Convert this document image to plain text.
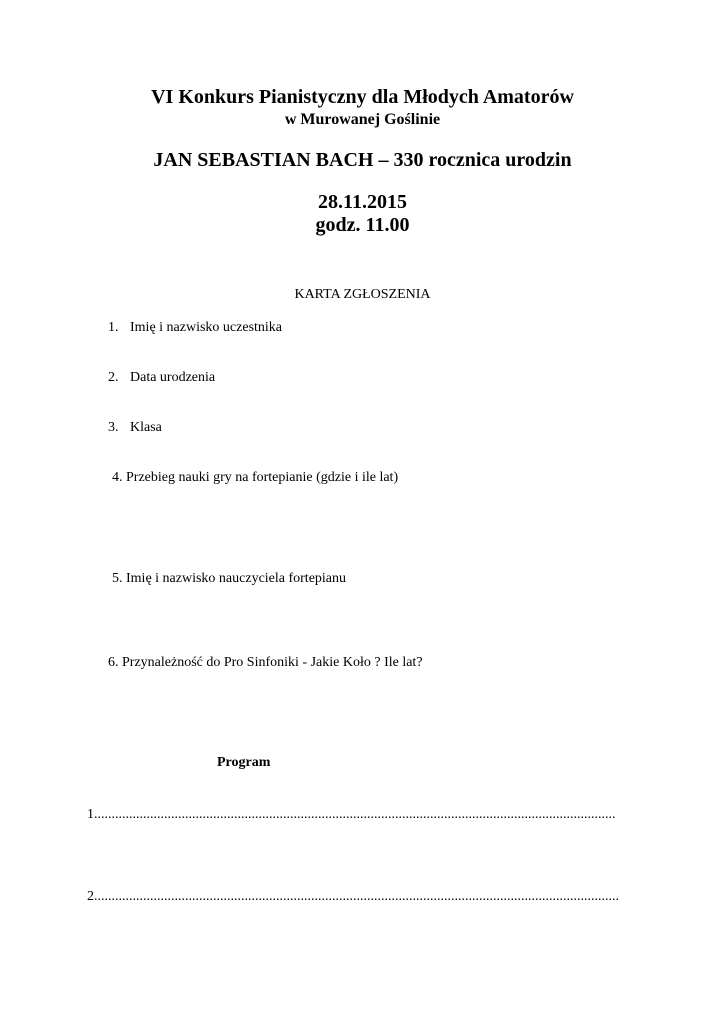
VI Konkurs Pianistyczny dla Młodych Amatorów
w Murowanej Goślinie
JAN SEBASTIAN BACH – 330 rocznica urodzin
28.11.2015
godz. 11.00
KARTA ZGŁOSZENIA
1. Imię i nazwisko uczestnika
2. Data urodzenia
3. Klasa
4. Przebieg nauki gry na fortepianie (gdzie i ile lat)
5. Imię i nazwisko nauczyciela fortepianu
6. Przynależność do Pro Sinfoniki - Jakie Koło ? Ile lat?
Program
1.....................................................................................................................................................
2......................................................................................................................................................
